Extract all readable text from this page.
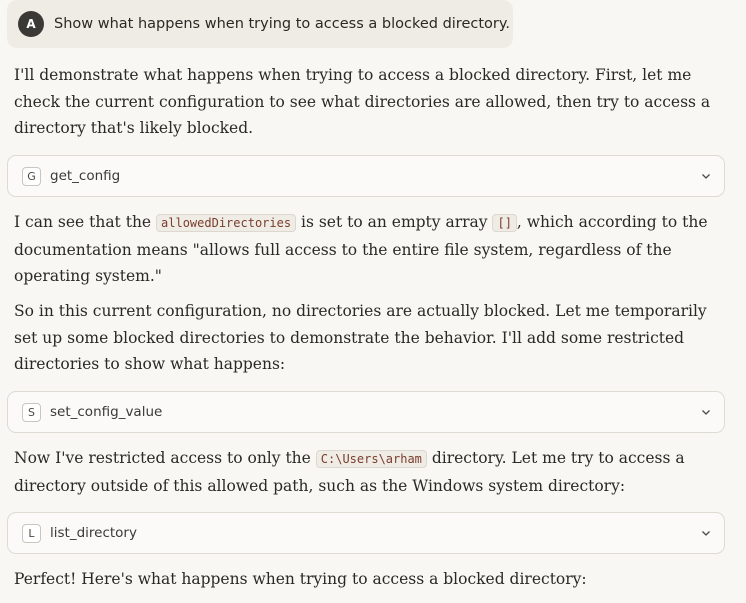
A	Show what happens when trying to access a blocked directory.

I'll demonstrate what happens when trying to access a blocked directory. First, let me check the current configuration to see what directories are allowed, then try to access a directory that's likely blocked.

G	get_config

I can see that the allowedDirectories is set to an empty array [] , which according to the documentation means "allows full access to the entire file system, regardless of the operating system."

So in this current configuration, no directories are actually blocked. Let me temporarily set up some blocked directories to demonstrate the behavior. I'll add some restricted directories to show what happens:

S	set_config_value

Now I've restricted access to only the C:\Users\arham directory. Let me try to access a directory outside of this allowed path, such as the Windows system directory:

L	list_directory

Perfect! Here's what happens when trying to access a blocked directory:
